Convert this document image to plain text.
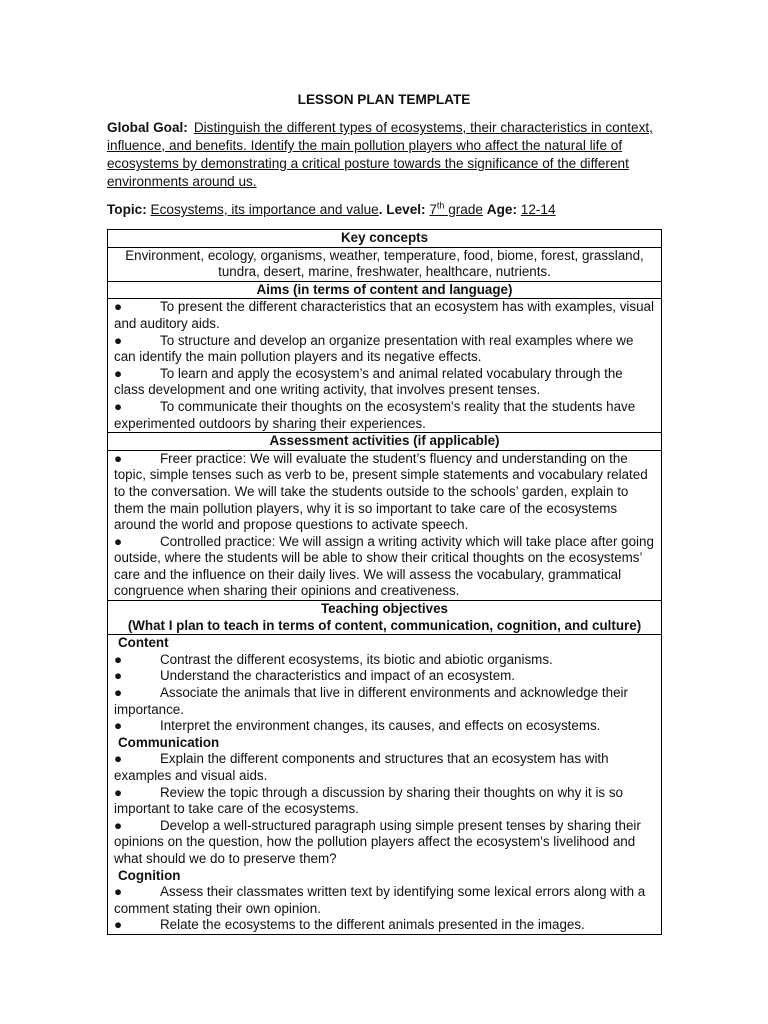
LESSON PLAN TEMPLATE
Global Goal: Distinguish the different types of ecosystems, their characteristics in context, influence, and benefits. Identify the main pollution players who affect the natural life of ecosystems by demonstrating a critical posture towards the significance of the different environments around us.
Topic: Ecosystems, its importance and value. Level: 7th grade Age: 12-14
Key concepts
Environment, ecology, organisms, weather, temperature, food, biome, forest, grassland, tundra, desert, marine, freshwater, healthcare, nutrients.
Aims (in terms of content and language)

●	To present the different characteristics that an ecosystem has with examples, visual and auditory aids.
●	To structure and develop an organize presentation with real examples where we can identify the main pollution players and its negative effects.
●	To learn and apply the ecosystem’s and animal related vocabulary through the class development and one writing activity, that involves present tenses.
●	To communicate their thoughts on the ecosystem's reality that the students have experimented outdoors by sharing their experiences.

Assessment activities (if applicable)

●	Freer practice: We will evaluate the student’s fluency and understanding on the topic, simple tenses such as verb to be, present simple statements and vocabulary related to the conversation. We will take the students outside to the schools’ garden, explain to them the main pollution players, why it is so important to take care of the ecosystems around the world and propose questions to activate speech.
●	Controlled practice: We will assign a writing activity which will take place after going outside, where the students will be able to show their critical thoughts on the ecosystems’ care and the influence on their daily lives. We will assess the vocabulary, grammatical congruence when sharing their opinions and creativeness.

Teaching objectives
(What I plan to teach in terms of content, communication, cognition, and culture)

Content
●	Contrast the different ecosystems, its biotic and abiotic organisms.
●	Understand the characteristics and impact of an ecosystem.
●	Associate the animals that live in different environments and acknowledge their importance.
●	Interpret the environment changes, its causes, and effects on ecosystems.
Communication
●	Explain the different components and structures that an ecosystem has with examples and visual aids.
●	Review the topic through a discussion by sharing their thoughts on why it is so important to take care of the ecosystems.
●	Develop a well-structured paragraph using simple present tenses by sharing their opinions on the question, how the pollution players affect the ecosystem's livelihood and what should we do to preserve them?
Cognition
●	Assess their classmates written text by identifying some lexical errors along with a comment stating their own opinion.
●	Relate the ecosystems to the different animals presented in the images.
